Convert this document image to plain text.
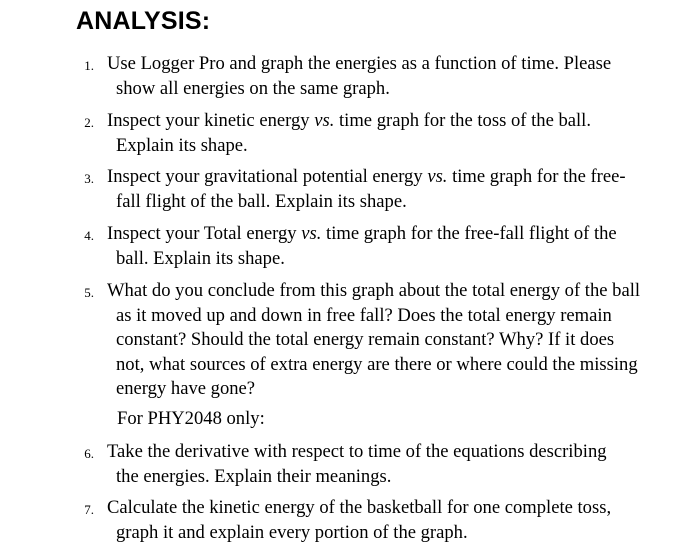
ANALYSIS:
1. Use Logger Pro and graph the energies as a function of time. Please show all energies on the same graph.
2. Inspect your kinetic energy vs. time graph for the toss of the ball. Explain its shape.
3. Inspect your gravitational potential energy vs. time graph for the free-fall flight of the ball. Explain its shape.
4. Inspect your Total energy vs. time graph for the free-fall flight of the ball. Explain its shape.
5. What do you conclude from this graph about the total energy of the ball as it moved up and down in free fall? Does the total energy remain constant? Should the total energy remain constant? Why? If it does not, what sources of extra energy are there or where could the missing energy have gone?
For PHY2048 only:
6. Take the derivative with respect to time of the equations describing the energies. Explain their meanings.
7. Calculate the kinetic energy of the basketball for one complete toss, graph it and explain every portion of the graph.
